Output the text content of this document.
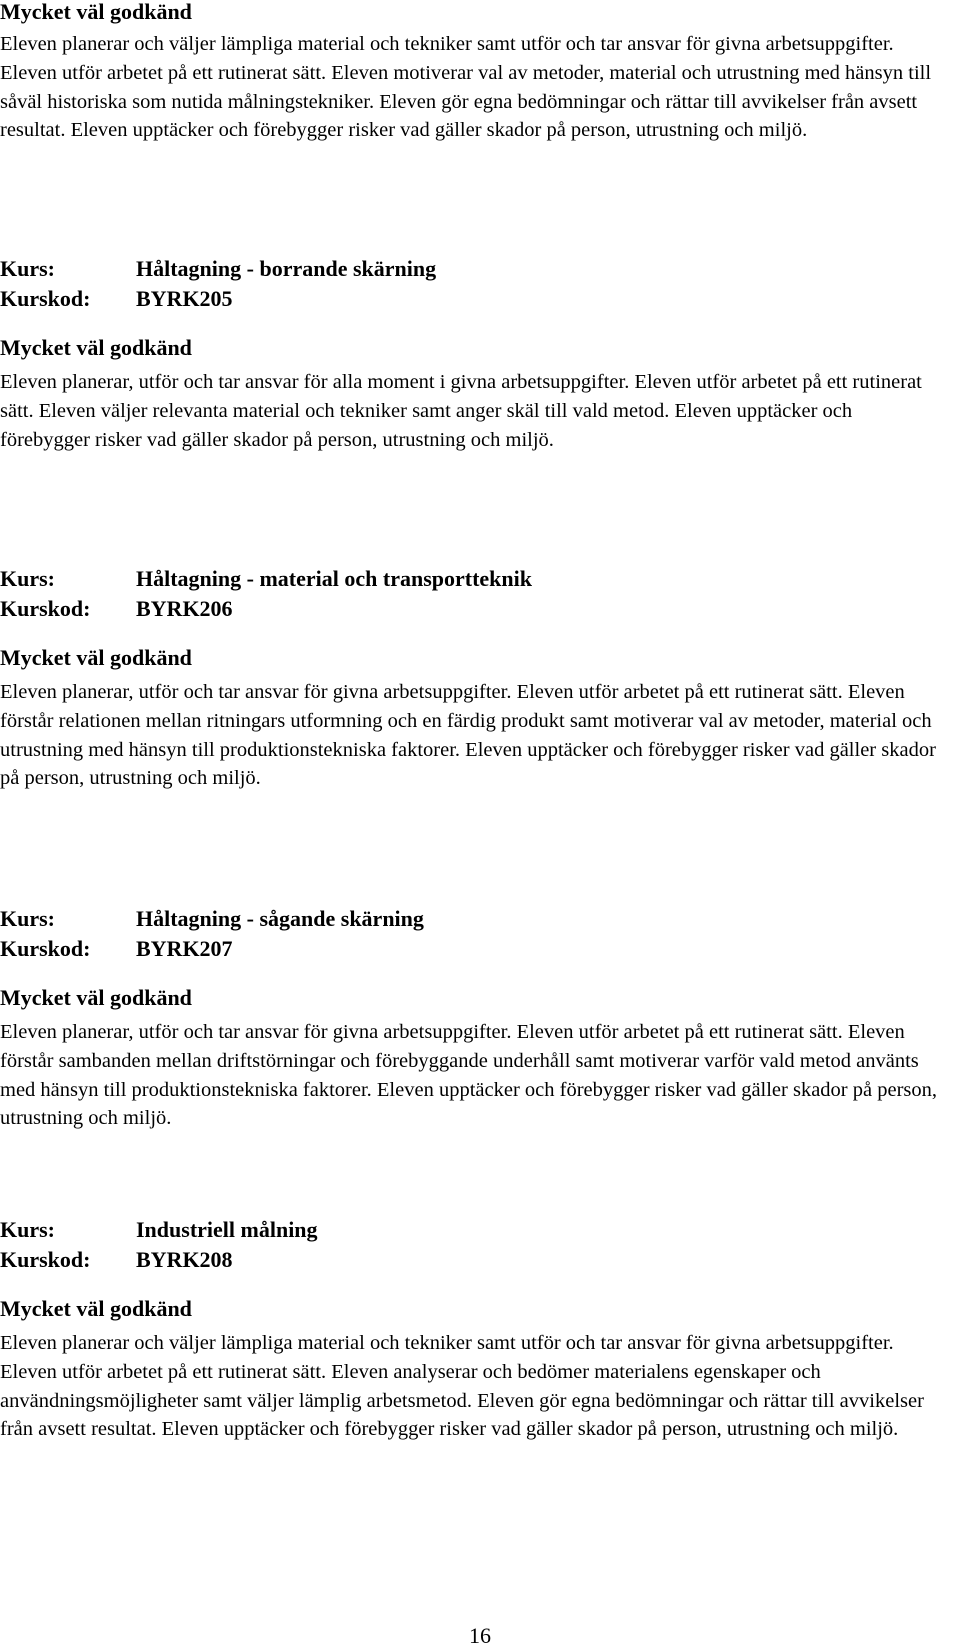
Mycket väl godkänd

Eleven planerar och väljer lämpliga material och tekniker samt utför och tar ansvar för givna arbetsuppgifter. Eleven utför arbetet på ett rutinerat sätt. Eleven motiverar val av metoder, material och utrustning med hänsyn till såväl historiska som nutida målningstekniker. Eleven gör egna bedömningar och rättar till avvikelser från avsett resultat. Eleven upptäcker och förebygger risker vad gäller skador på person, utrustning och miljö.

Kurs:	Håltagning - borrande skärning
Kurskod: BYRK205

Mycket väl godkänd

Eleven planerar, utför och tar ansvar för alla moment i givna arbetsuppgifter. Eleven utför arbetet på ett rutinerat sätt. Eleven väljer relevanta material och tekniker samt anger skäl till vald metod. Eleven upptäcker och förebygger risker vad gäller skador på person, utrustning och miljö.

Kurs:	Håltagning - material och transportteknik
Kurskod: BYRK206

Mycket väl godkänd

Eleven planerar, utför och tar ansvar för givna arbetsuppgifter. Eleven utför arbetet på ett rutinerat sätt. Eleven förstår relationen mellan ritningars utformning och en färdig produkt samt motiverar val av metoder, material och utrustning med hänsyn till produktionstekniska faktorer. Eleven upptäcker och förebygger risker vad gäller skador på person, utrustning och miljö.

Kurs:	Håltagning - sågande skärning
Kurskod: BYRK207

Mycket väl godkänd

Eleven planerar, utför och tar ansvar för givna arbetsuppgifter. Eleven utför arbetet på ett rutinerat sätt. Eleven förstår sambanden mellan driftstörningar och förebyggande underhåll samt motiverar varför vald metod använts med hänsyn till produktionstekniska faktorer. Eleven upptäcker och förebygger risker vad gäller skador på person, utrustning och miljö.

Kurs:	Industriell målning
Kurskod: BYRK208

Mycket väl godkänd

Eleven planerar och väljer lämpliga material och tekniker samt utför och tar ansvar för givna arbetsuppgifter. Eleven utför arbetet på ett rutinerat sätt. Eleven analyserar och bedömer materialens egenskaper och användningsmöjligheter samt väljer lämplig arbetsmetod. Eleven gör egna bedömningar och rättar till avvikelser från avsett resultat. Eleven upptäcker och förebygger risker vad gäller skador på person, utrustning och miljö.

16
